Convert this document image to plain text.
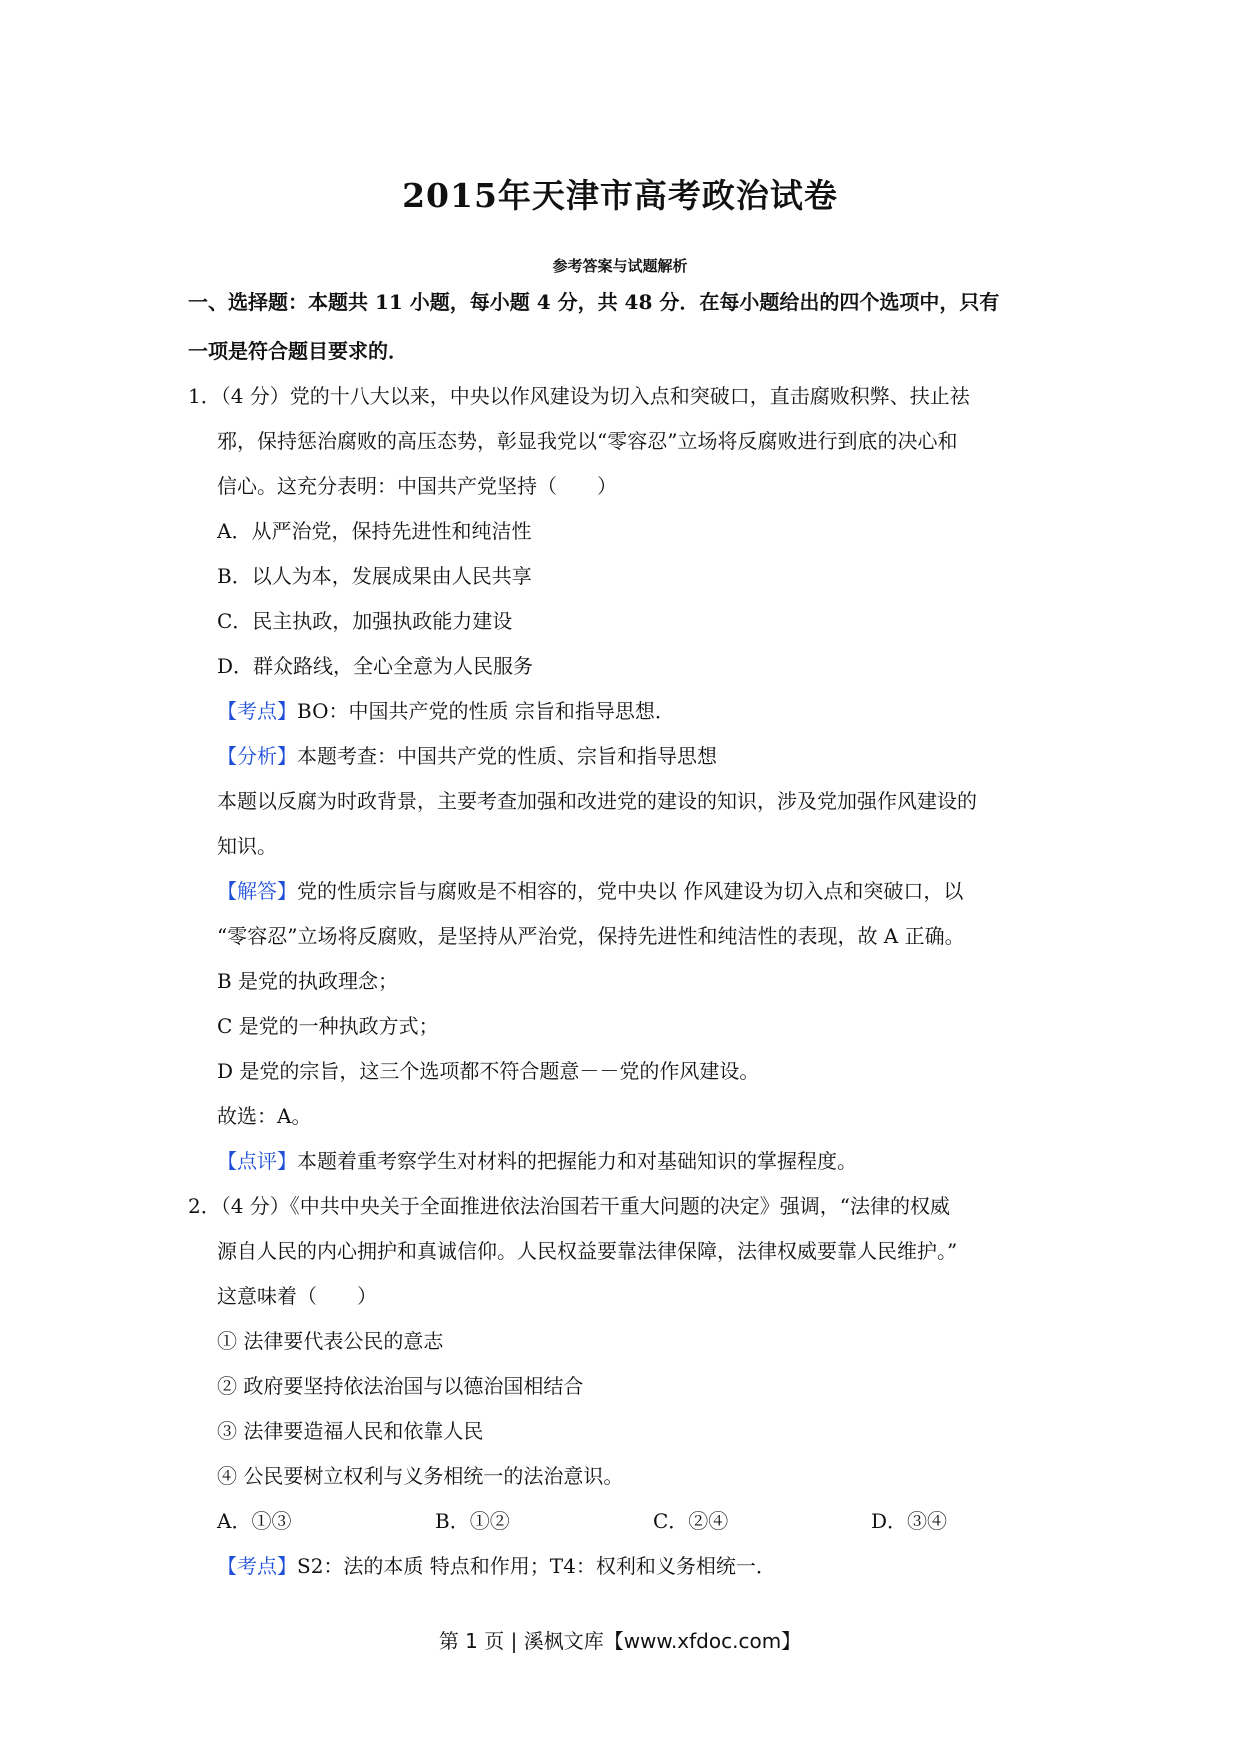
2015年天津市高考政治试卷
参考答案与试题解析
一、选择题：本题共 11 小题，每小题 4 分，共 48 分．在每小题给出的四个选项中，只有
一项是符合题目要求的．
1．（4 分）党的十八大以来，中央以作风建设为切入点和突破口，直击腐败积弊、扶止祛
邪，保持惩治腐败的高压态势，彰显我党以“零容忍”立场将反腐败进行到底的决心和
信心。这充分表明：中国共产党坚持（　　）
A．从严治党，保持先进性和纯洁性
B．以人为本，发展成果由人民共享
C．民主执政，加强执政能力建设
D．群众路线，全心全意为人民服务
【考点】BO：中国共产党的性质 宗旨和指导思想．
【分析】本题考查：中国共产党的性质、宗旨和指导思想
本题以反腐为时政背景，主要考查加强和改进党的建设的知识，涉及党加强作风建设的
知识。
【解答】党的性质宗旨与腐败是不相容的，党中央以 作风建设为切入点和突破口，以
“零容忍”立场将反腐败，是坚持从严治党，保持先进性和纯洁性的表现，故 A 正确。
B 是党的执政理念；
C 是党的一种执政方式；
D 是党的宗旨，这三个选项都不符合题意－－党的作风建设。
故选：A。
【点评】本题着重考察学生对材料的把握能力和对基础知识的掌握程度。
2．（4 分）《中共中央关于全面推进依法治国若干重大问题的决定》强调，“法律的权威
源自人民的内心拥护和真诚信仰。人民权益要靠法律保障，法律权威要靠人民维护。”
这意味着（　　）
① 法律要代表公民的意志
② 政府要坚持依法治国与以德治国相结合
③ 法律要造福人民和依靠人民
④ 公民要树立权利与义务相统一的法治意识。
A．①③	B．①②	C．②④	D．③④
【考点】S2：法的本质 特点和作用；T4：权利和义务相统一．
第 1 页 | 溪枫文库【www.xfdoc.com】
